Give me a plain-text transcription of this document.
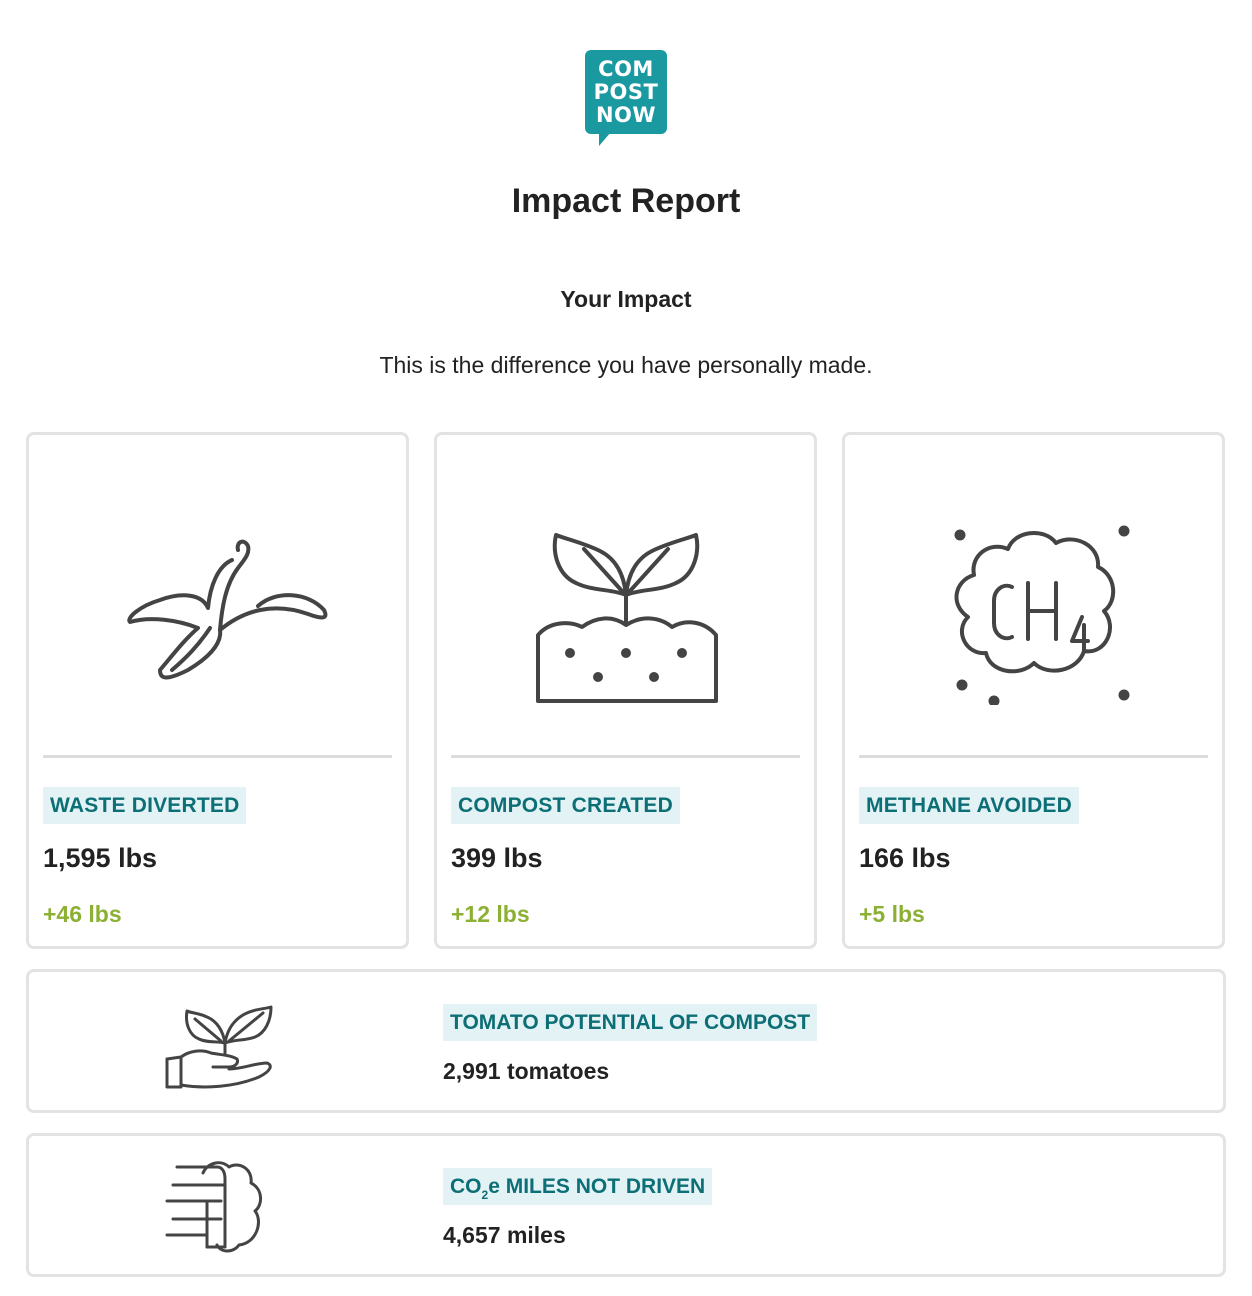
COM
POST
NOW
.ORG
Impact Report
Your Impact
This is the difference you have personally made.
WASTE DIVERTED
1,595 lbs
+46 lbs
COMPOST CREATED
399 lbs
+12 lbs
METHANE AVOIDED
166 lbs
+5 lbs
TOMATO POTENTIAL OF COMPOST
2,991 tomatoes
$CO_2e$ MILES NOT DRIVEN
4,657 miles
